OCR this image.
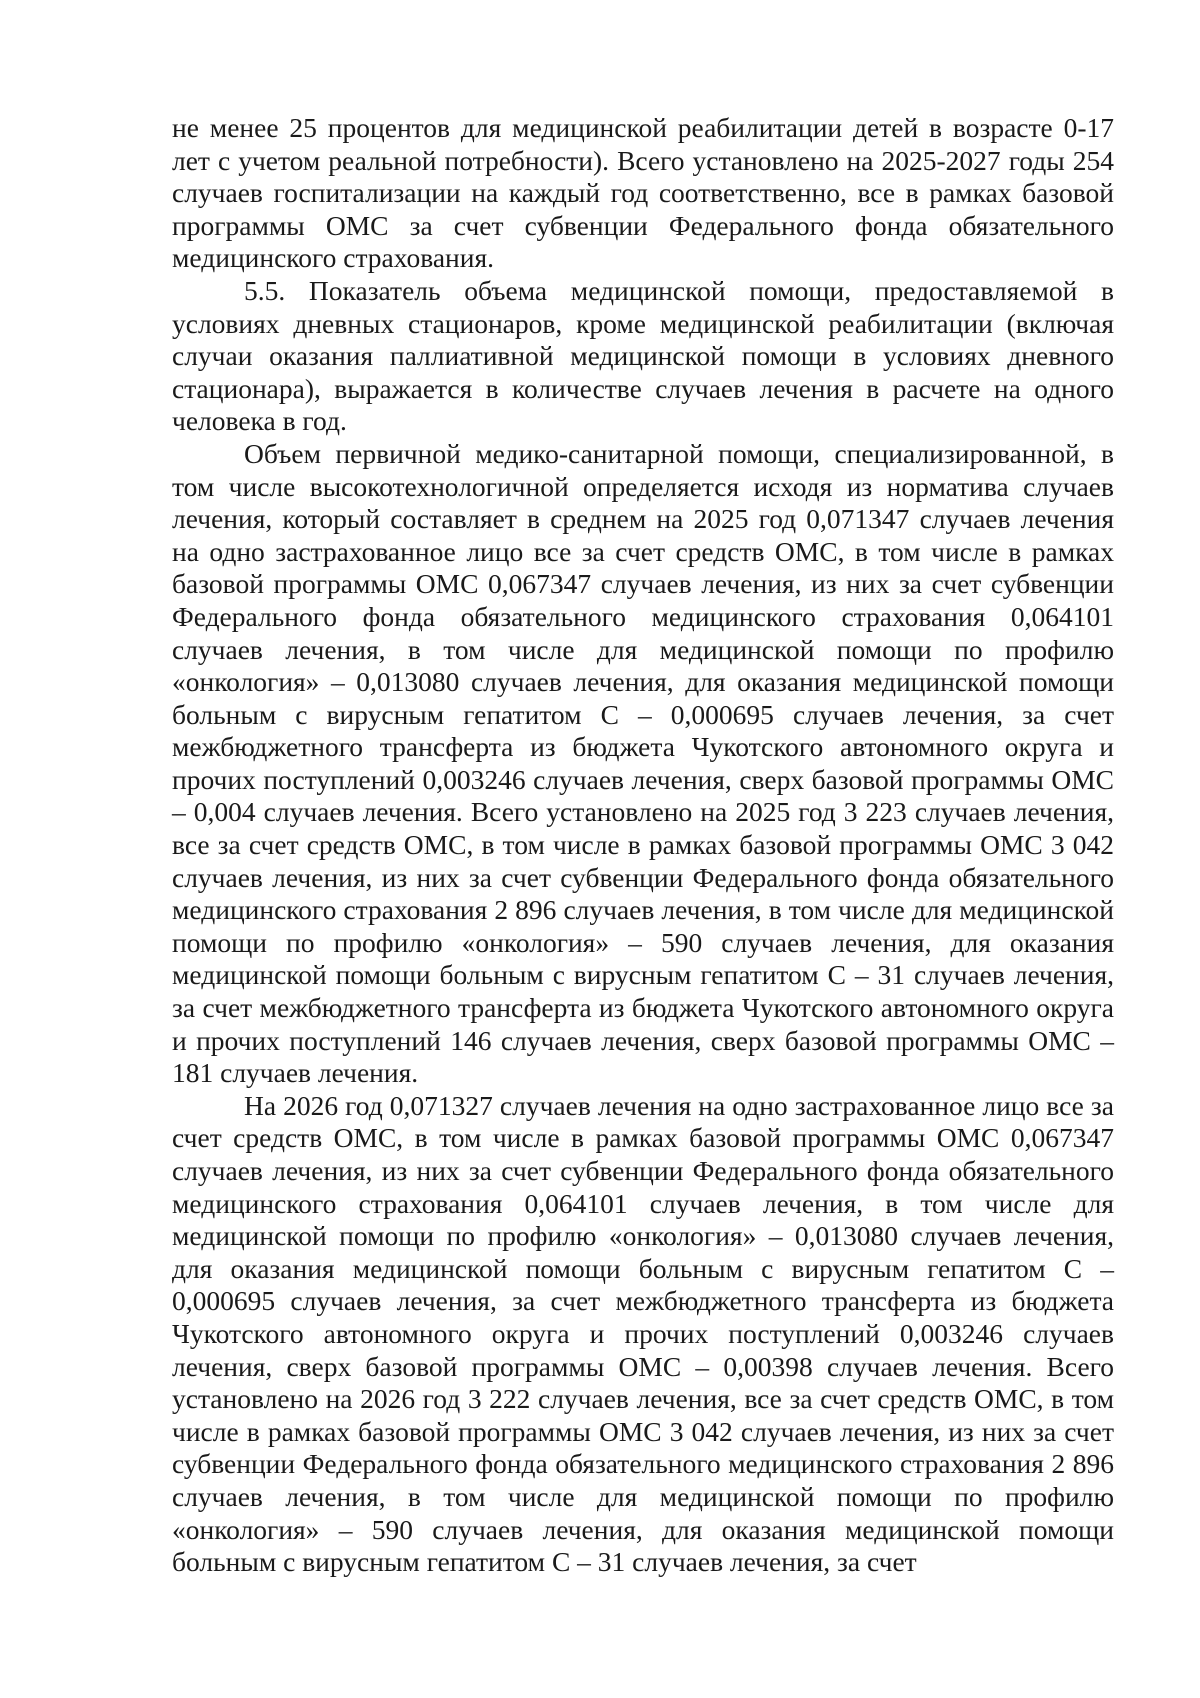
не менее 25 процентов для медицинской реабилитации детей в возрасте 0-17 лет с учетом реальной потребности). Всего установлено на 2025-2027 годы 254 случаев госпитализации на каждый год соответственно, все в рамках базовой программы ОМС за счет субвенции Федерального фонда обязательного медицинского страхования.

5.5. Показатель объема медицинской помощи, предоставляемой в условиях дневных стационаров, кроме медицинской реабилитации (включая случаи оказания паллиативной медицинской помощи в условиях дневного стационара), выражается в количестве случаев лечения в расчете на одного человека в год.

Объем первичной медико-санитарной помощи, специализированной, в том числе высокотехнологичной определяется исходя из норматива случаев лечения, который составляет в среднем на 2025 год 0,071347 случаев лечения на одно застрахованное лицо все за счет средств ОМС, в том числе в рамках базовой программы ОМС 0,067347 случаев лечения, из них за счет субвенции Федерального фонда обязательного медицинского страхования 0,064101 случаев лечения, в том числе для медицинской помощи по профилю «онкология» – 0,013080 случаев лечения, для оказания медицинской помощи больным с вирусным гепатитом С – 0,000695 случаев лечения, за счет межбюджетного трансферта из бюджета Чукотского автономного округа и прочих поступлений 0,003246 случаев лечения, сверх базовой программы ОМС – 0,004 случаев лечения. Всего установлено на 2025 год 3 223 случаев лечения, все за счет средств ОМС, в том числе в рамках базовой программы ОМС 3 042 случаев лечения, из них за счет субвенции Федерального фонда обязательного медицинского страхования 2 896 случаев лечения, в том числе для медицинской помощи по профилю «онкология» – 590 случаев лечения, для оказания медицинской помощи больным с вирусным гепатитом С – 31 случаев лечения, за счет межбюджетного трансферта из бюджета Чукотского автономного округа и прочих поступлений 146 случаев лечения, сверх базовой программы ОМС – 181 случаев лечения.

На 2026 год 0,071327 случаев лечения на одно застрахованное лицо все за счет средств ОМС, в том числе в рамках базовой программы ОМС 0,067347 случаев лечения, из них за счет субвенции Федерального фонда обязательного медицинского страхования 0,064101 случаев лечения, в том числе для медицинской помощи по профилю «онкология» – 0,013080 случаев лечения, для оказания медицинской помощи больным с вирусным гепатитом С – 0,000695 случаев лечения, за счет межбюджетного трансферта из бюджета Чукотского автономного округа и прочих поступлений 0,003246 случаев лечения, сверх базовой программы ОМС – 0,00398 случаев лечения. Всего установлено на 2026 год 3 222 случаев лечения, все за счет средств ОМС, в том числе в рамках базовой программы ОМС 3 042 случаев лечения, из них за счет субвенции Федерального фонда обязательного медицинского страхования 2 896 случаев лечения, в том числе для медицинской помощи по профилю «онкология» – 590 случаев лечения, для оказания медицинской помощи больным с вирусным гепатитом С – 31 случаев лечения, за счет
